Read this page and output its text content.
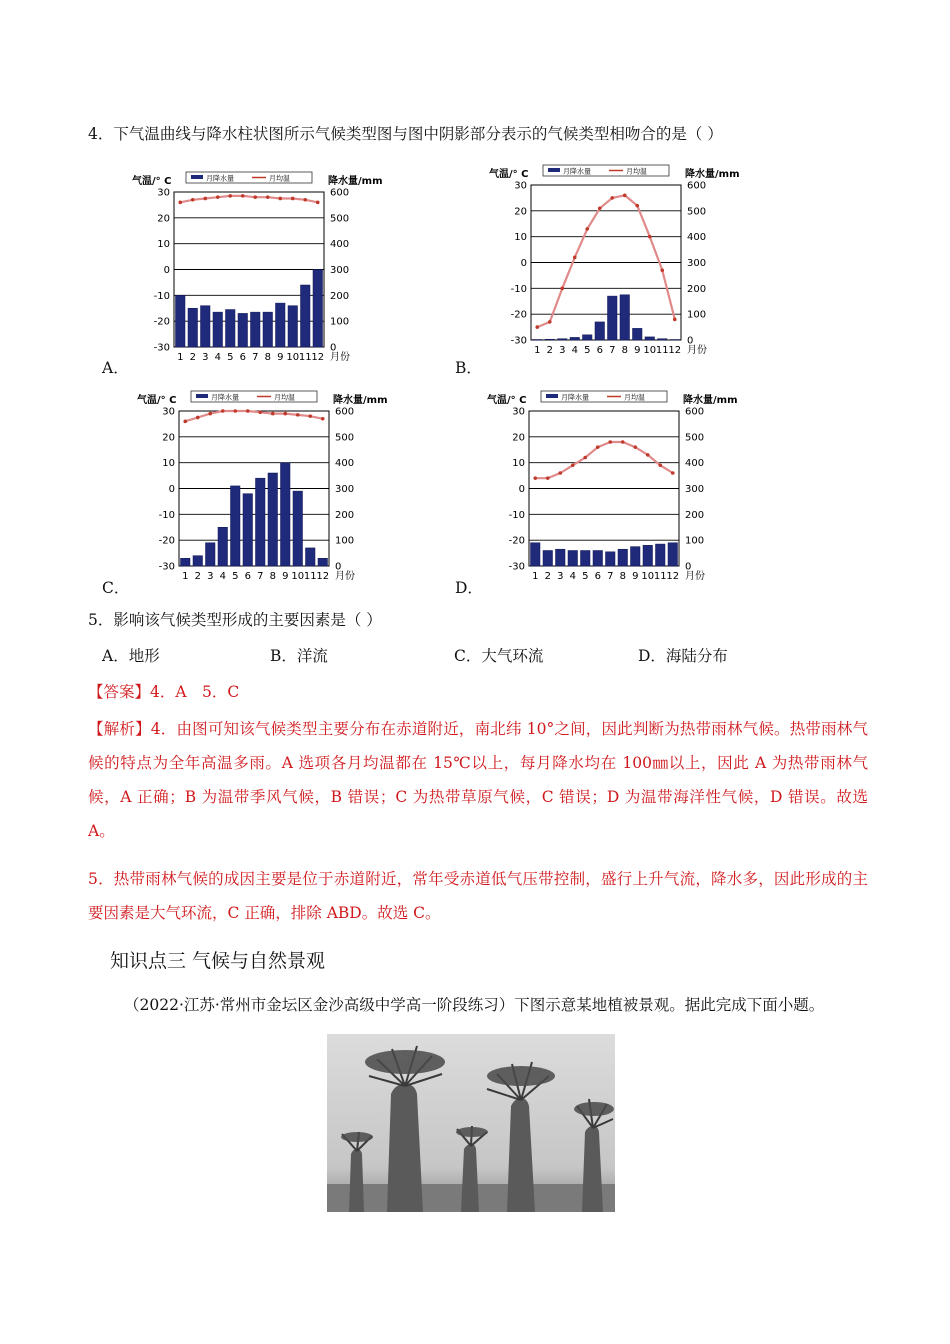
4．下气温曲线与降水柱状图所示气候类型图与图中阴影部分表示的气候类型相吻合的是（ ）
气温/° C	月降水量	月均温	降水量/mm
-30
-20
-10
0
10
20
30
0
100
200
300
400
500
600
1 2 3 4 5 6 7 8 9 10 11 12 月份
气温/° C	月降水量	月均温	降水量/mm
-30
-20
-10
0
10
20
30
0
100
200
300
400
500
600
1 2 3 4 5 6 7 8 9 10 11 12 月份
气温/° C	月降水量	月均温	降水量/mm
-30
-20
-10
0
10
20
30
0
100
200
300
400
500
600
1 2 3 4 5 6 7 8 9 10 11 12 月份
气温/° C	月降水量	月均温	降水量/mm
-30
-20
-10
0
10
20
30
0
100
200
300
400
500
600
1 2 3 4 5 6 7 8 9 10 11 12 月份
A．	B．
C．	D．
5．影响该气候类型形成的主要因素是（ ）
A．地形	B．洋流	C．大气环流	D．海陆分布
【答案】4．A　5．C
【解析】4．由图可知该气候类型主要分布在赤道附近，南北纬 10°之间，因此判断为热带雨林气候。热带雨林气候的特点为全年高温多雨。A 选项各月均温都在 15℃以上，每月降水均在 100㎜以上，因此 A 为热带雨林气候，A 正确；B 为温带季风气候，B 错误；C 为热带草原气候，C 错误；D 为温带海洋性气候，D 错误。故选 A。
5．热带雨林气候的成因主要是位于赤道附近，常年受赤道低气压带控制，盛行上升气流，降水多，因此形成的主要因素是大气环流，C 正确，排除 ABD。故选 C。
知识点三 气候与自然景观
（2022·江苏·常州市金坛区金沙高级中学高一阶段练习）下图示意某地植被景观。据此完成下面小题。
